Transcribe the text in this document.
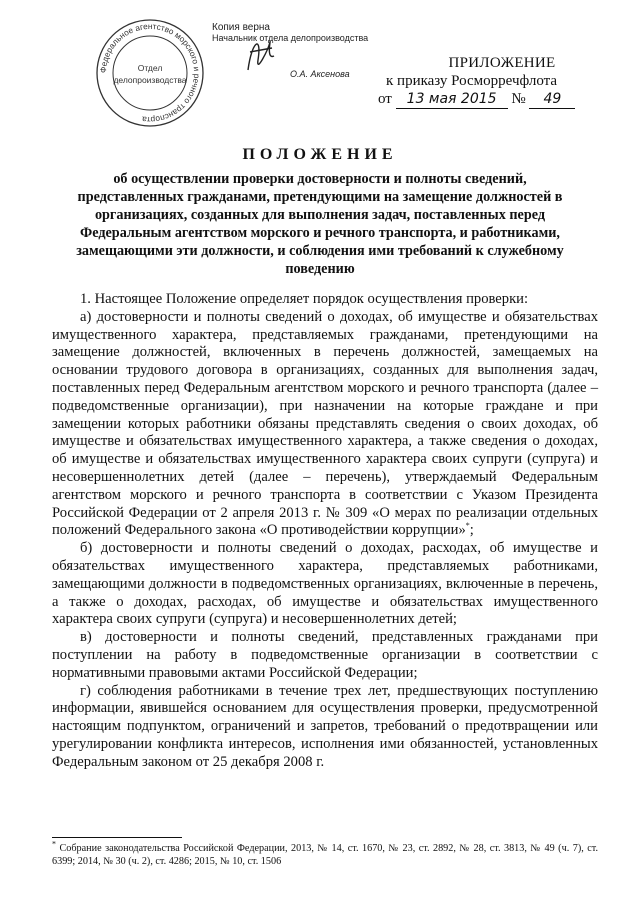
Федеральное агентство морского и речного транспорта
Отдел
делопроизводства
Копия верна
Начальник отдела делопроизводства
О.А. Аксенова
ПРИЛОЖЕНИЕ
к приказу Росморречфлота
от 13 мая 2015 № 49
ПОЛОЖЕНИЕ
об осуществлении проверки достоверности и полноты сведений, представленных гражданами, претендующими на замещение должностей в организациях, созданных для выполнения задач, поставленных перед Федеральным агентством морского и речного транспорта, и работниками, замещающими эти должности, и соблюдения ими требований к служебному поведению

1. Настоящее Положение определяет порядок осуществления проверки:

а) достоверности и полноты сведений о доходах, об имуществе и обязательствах имущественного характера, представляемых гражданами, претендующими на замещение должностей, включенных в перечень должностей, замещаемых на основании трудового договора в организациях, созданных для выполнения задач, поставленных перед Федеральным агентством морского и речного транспорта (далее – подведомственные организации), при назначении на которые граждане и при замещении которых работники обязаны представлять сведения о своих доходах, об имуществе и обязательствах имущественного характера, а также сведения о доходах, об имуществе и обязательствах имущественного характера своих супруги (супруга) и несовершеннолетних детей (далее – перечень), утверждаемый Федеральным агентством морского и речного транспорта в соответствии с Указом Президента Российской Федерации от 2 апреля 2013 г. № 309 «О мерах по реализации отдельных положений Федерального закона «О противодействии коррупции»*;

б) достоверности и полноты сведений о доходах, расходах, об имуществе и обязательствах имущественного характера, представляемых работниками, замещающими должности в подведомственных организациях, включенные в перечень, а также о доходах, расходах, об имуществе и обязательствах имущественного характера своих супруги (супруга) и несовершеннолетних детей;

в) достоверности и полноты сведений, представленных гражданами при поступлении на работу в подведомственные организации в соответствии с нормативными правовыми актами Российской Федерации;

г) соблюдения работниками в течение трех лет, предшествующих поступлению информации, явившейся основанием для осуществления проверки, предусмотренной настоящим подпунктом, ограничений и запретов, требований о предотвращении или урегулировании конфликта интересов, исполнения ими обязанностей, установленных Федеральным законом от 25 декабря 2008 г.

* Собрание законодательства Российской Федерации, 2013, № 14, ст. 1670, № 23, ст. 2892, № 28, ст. 3813, № 49 (ч. 7), ст. 6399; 2014, № 30 (ч. 2), ст. 4286; 2015, № 10, ст. 1506
